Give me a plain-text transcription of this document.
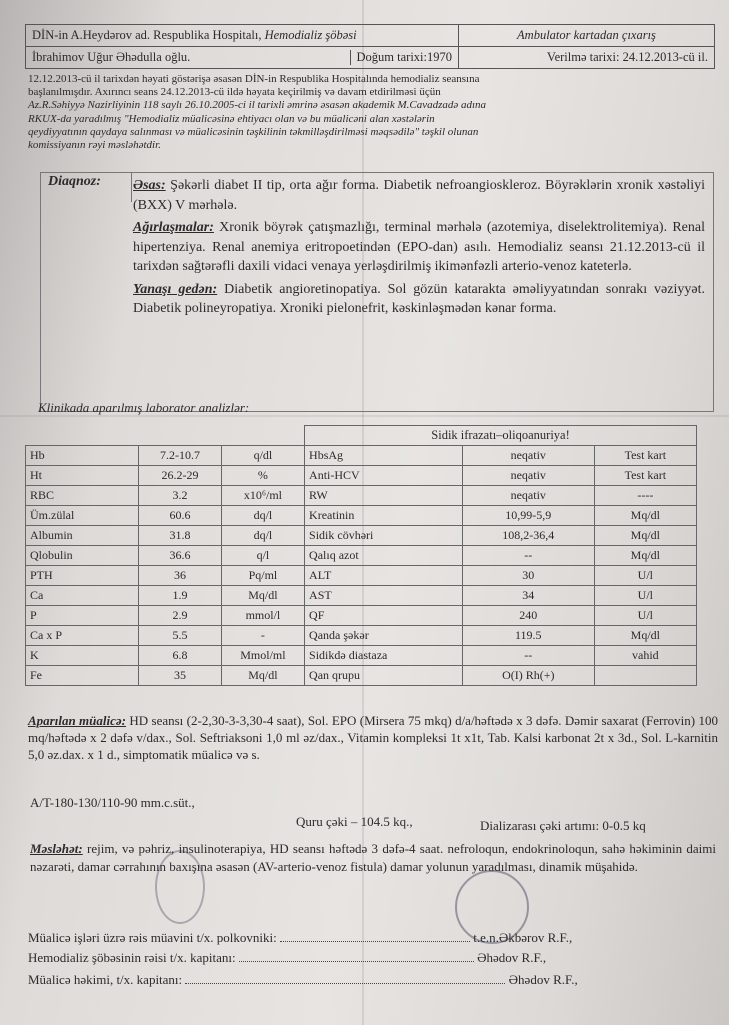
DİN-in A.Heydərov ad. Respublika Hospitalı, Hemodializ şöbəsi	Ambulator kartadan çıxarış
İbrahimov Uğur Əhədulla oğlu. Doğum tarixi:1970	Verilmə tarixi: 24.12.2013-cü il.
12.12.2013-cü il tarixdən həyati göstərişə əsasən DİN-in Respublika Hospitalında hemodializ seansına
başlanılmışdır. Axırıncı seans 24.12.2013-cü ildə həyata keçirilmiş və davam etdirilməsi üçün
Az.R.Səhiyyə Nazirliyinin 118 saylı 26.10.2005-ci il tarixli əmrinə əsasən akademik M.Cavadzadə adına
RKUX-da yaradılmış "Hemodializ müalicəsinə ehtiyacı olan və bu müalicəni alan xəstələrin
qeydiyyatının qaydaya salınması və müalicəsinin təşkilinin təkmilləşdirilməsi məqsədilə" təşkil olunan
komissiyanın rəyi məsləhətdir.
Diaqnoz: Əsas: Şəkərli diabet II tip, orta ağır forma. Diabetik nefroangioskleroz. Böyrəklərin xronik xəstəliyi (BXX) V mərhələ.

Ağırlaşmalar: Xronik böyrək çatışmazlığı, terminal mərhələ (azotemiya, diselektrolitemiya). Renal hipertenziya. Renal anemiya eritropoetindən (EPO-dan) asılı. Hemodializ seansı 21.12.2013-cü il tarixdən sağtərəfli daxili vidaci venaya yerləşdirilmiş ikimənfəzli arterio-venoz kateterlə.

Yanaşı gedən: Diabetik angioretinopatiya. Sol gözün katarakta əməliyyatından sonrakı vəziyyət. Diabetik polineyropatiya. Xroniki pielonefrit, kəskinləşmədən kənar forma.

Klinikada aparılmış laborator analizlər:
			Sidik ifrazatı–oliqoanuriya!		
Hb	7.2-10.7	q/dl	HbsAg	neqativ	Test kart
Ht	26.2-29	%	Anti-HCV	neqativ	Test kart
RBC	3.2	x10⁶/ml	RW	neqativ	----
Üm.zülal	60.6	dq/l	Kreatinin	10,99-5,9	Mq/dl
Albumin	31.8	dq/l	Sidik cövhəri	108,2-36,4	Mq/dl
Qlobulin	36.6	q/l	Qalıq azot	--	Mq/dl
PTH	36	Pq/ml	ALT	30	U/l
Ca	1.9	Mq/dl	AST	34	U/l
P	2.9	mmol/l	QF	240	U/l
Ca x P	5.5	-	Qanda şəkər	119.5	Mq/dl
K	6.8	Mmol/ml	Sidikdə diastaza	--	vahid
Fe	35	Mq/dl	Qan qrupu	O(I) Rh(+)	
Aparılan müalicə: HD seansı (2-2,30-3-3,30-4 saat), Sol. EPO (Mirsera 75 mkq) d/a/həftədə x 3 dəfə. Dəmir saxarat (Ferrovin) 100 mq/həftədə x 2 dəfə v/dax., Sol. Seftriaksoni 1,0 ml əz/dax., Vitamin kompleksi 1t x1t, Tab. Kalsi karbonat 2t x 3d., Sol. L-karnitin 5,0 əz.dax. x 1 d., simptomatik müalicə və s.
A/T-180-130/110-90 mm.c.süt.,
Quru çəki – 104.5 kq.,	Dializarası çəki artımı: 0-0.5 kq
Məsləhət: rejim, və pəhriz, insulinoterapiya, HD seansı həftədə 3 dəfə-4 saat. nefroloqun, endokrinoloqun, sahə həkiminin daimi nəzarəti, damar cərrahının baxışına əsasən (AV-arterio-venoz fistula) damar yolunun yaradılması, dinamik müşahidə.
Müalicə işləri üzrə rəis müavini t/x. polkovniki:	t.e.n.Əkbərov R.F.,
Hemodializ şöbəsinin rəisi t/x. kapitanı:	Əhədov R.F.,
Müalicə həkimi, t/x. kapitanı:	Əhədov R.F.,
